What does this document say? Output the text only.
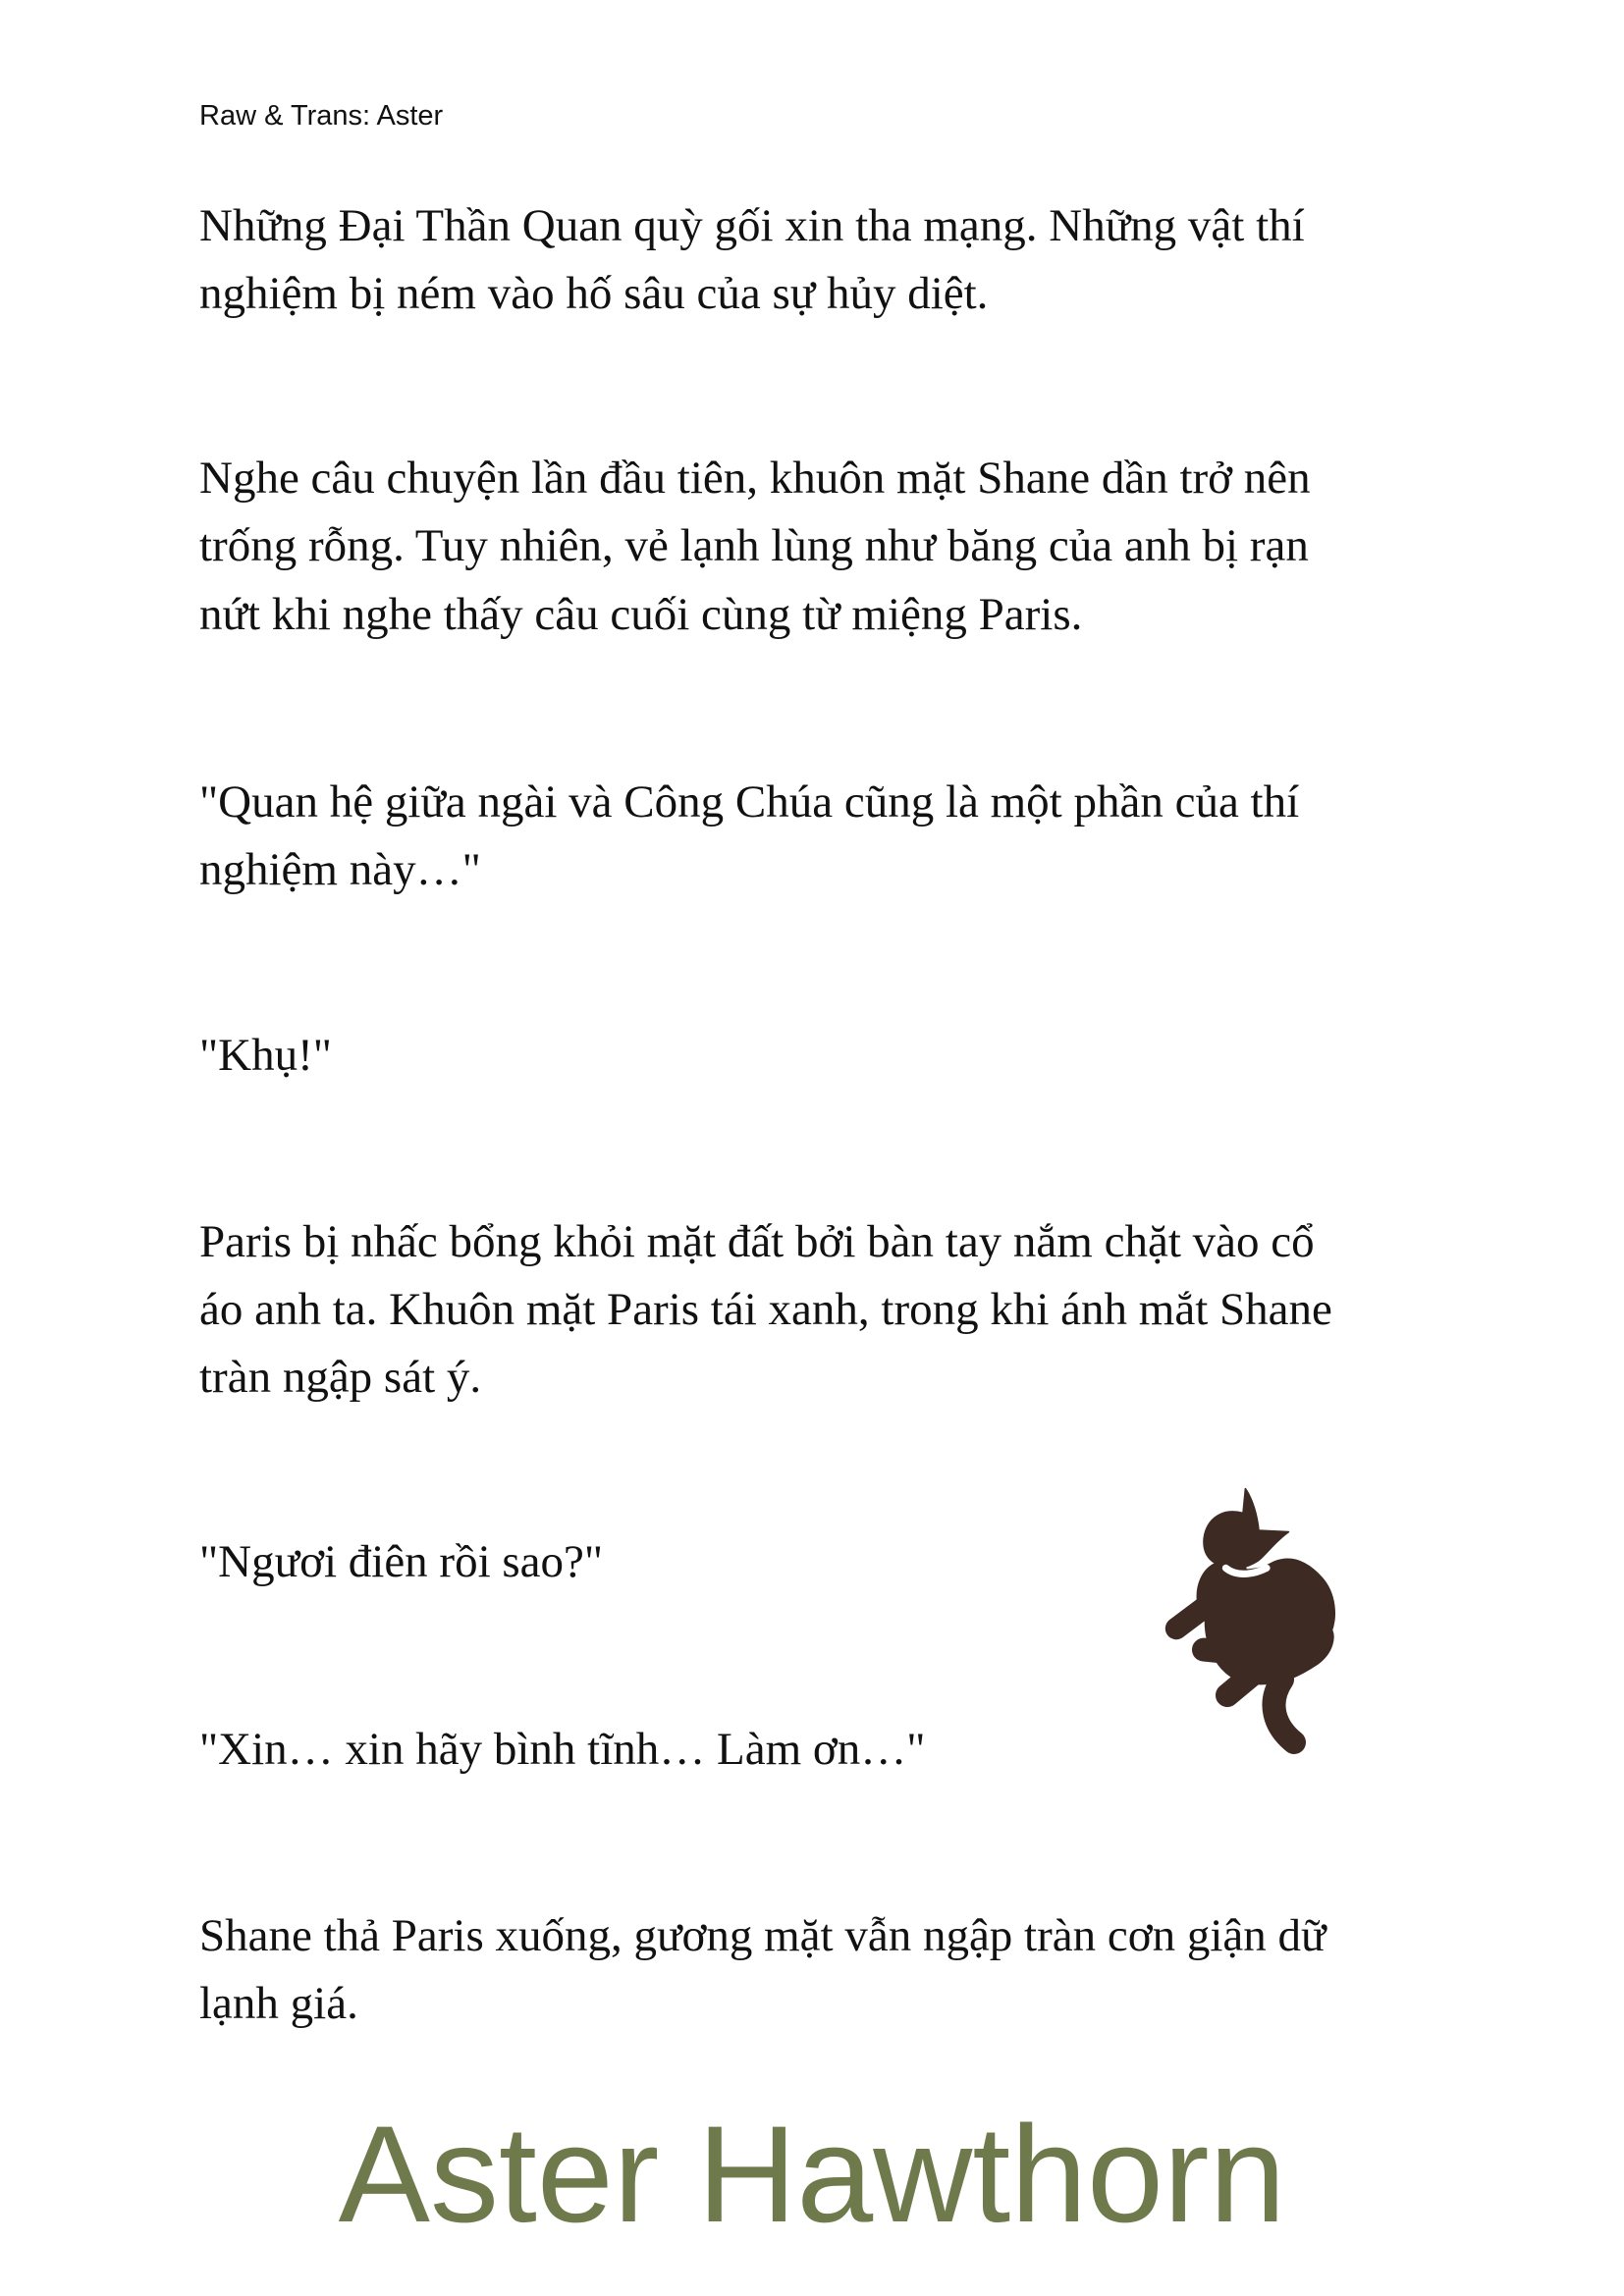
Raw & Trans: Aster
Những Đại Thần Quan quỳ gối xin tha mạng. Những vật thí
nghiệm bị ném vào hố sâu của sự hủy diệt.
Nghe câu chuyện lần đầu tiên, khuôn mặt Shane dần trở nên
trống rỗng. Tuy nhiên, vẻ lạnh lùng như băng của anh bị rạn
nứt khi nghe thấy câu cuối cùng từ miệng Paris.
"Quan hệ giữa ngài và Công Chúa cũng là một phần của thí
nghiệm này…"
"Khụ!"
Paris bị nhấc bổng khỏi mặt đất bởi bàn tay nắm chặt vào cổ
áo anh ta. Khuôn mặt Paris tái xanh, trong khi ánh mắt Shane
tràn ngập sát ý.
"Ngươi điên rồi sao?"
"Xin… xin hãy bình tĩnh… Làm ơn…"
Shane thả Paris xuống, gương mặt vẫn ngập tràn cơn giận dữ
lạnh giá.
Aster Hawthorn
